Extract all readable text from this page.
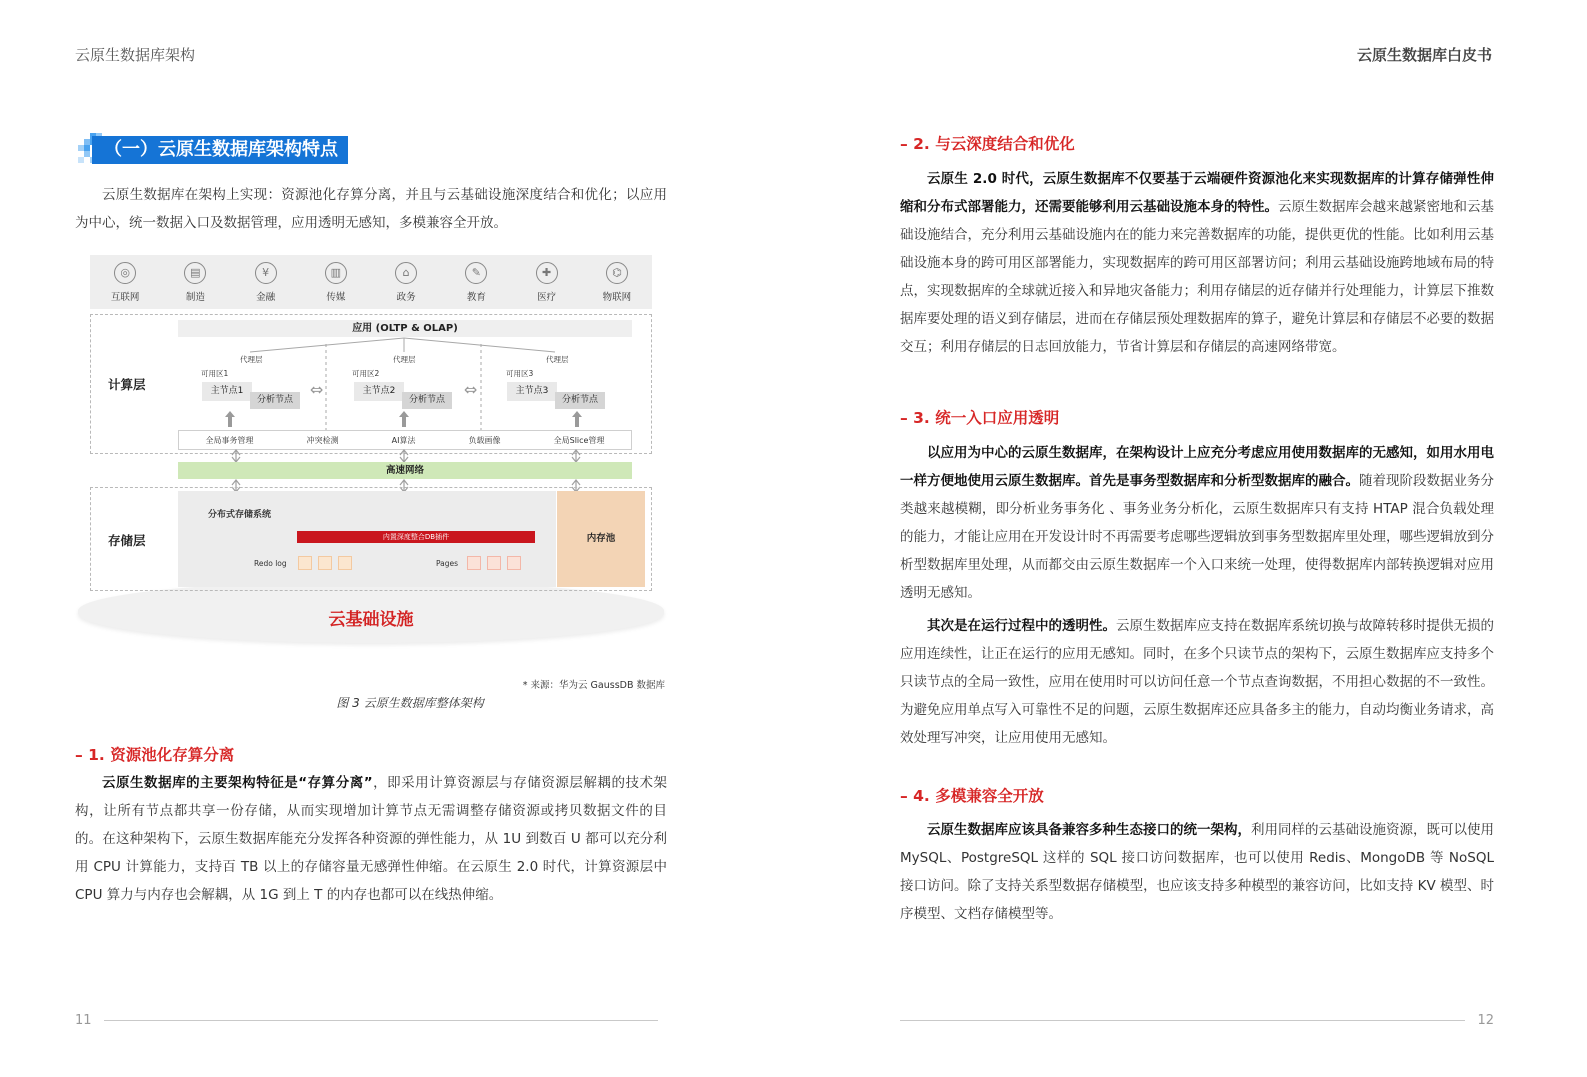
云原生数据库架构
（一）云原生数据库架构特点
云原生数据库在架构上实现：资源池化存算分离，并且与云基础设施深度结合和优化；以应用为中心，统一数据入口及数据管理，应用透明无感知，多模兼容全开放。
◎
互联网
▤
制造
¥
金融
▥
传媒
⌂
政务
✎
教育
✚
医疗
⌬
物联网
计算层
应用 (OLTP & OLAP)
代理层	代理层	代理层
可用区1	可用区2	可用区3
主节点1	主节点2	主节点3
分析节点	分析节点	分析节点
⇔	⇔
全局事务管理	冲突检测	AI算法	负载画像	全局Slice管理
高速网络
存储层
分布式存储系统
内置深度整合DB插件
Redo log	Pages
内存池
云基础设施
* 来源：华为云 GaussDB 数据库
图 3 云原生数据库整体架构
– 1. 资源池化存算分离
云原生数据库的主要架构特征是“存算分离”，即采用计算资源层与存储资源层解耦的技术架构，让所有节点都共享一份存储，从而实现增加计算节点无需调整存储资源或拷贝数据文件的目的。在这种架构下，云原生数据库能充分发挥各种资源的弹性能力，从 1U 到数百 U 都可以充分利用 CPU 计算能力，支持百 TB 以上的存储容量无感弹性伸缩。在云原生 2.0 时代，计算资源层中 CPU 算力与内存也会解耦，从 1G 到上 T 的内存也都可以在线热伸缩。
11
云原生数据库白皮书
– 2. 与云深度结合和优化
云原生 2.0 时代，云原生数据库不仅要基于云端硬件资源池化来实现数据库的计算存储弹性伸缩和分布式部署能力，还需要能够利用云基础设施本身的特性。云原生数据库会越来越紧密地和云基础设施结合，充分利用云基础设施内在的能力来完善数据库的功能，提供更优的性能。比如利用云基础设施本身的跨可用区部署能力，实现数据库的跨可用区部署访问；利用云基础设施跨地域布局的特点，实现数据库的全球就近接入和异地灾备能力；利用存储层的近存储并行处理能力，计算层下推数据库要处理的语义到存储层，进而在存储层预处理数据库的算子，避免计算层和存储层不必要的数据交互；利用存储层的日志回放能力，节省计算层和存储层的高速网络带宽。
– 3. 统一入口应用透明
以应用为中心的云原生数据库，在架构设计上应充分考虑应用使用数据库的无感知，如用水用电一样方便地使用云原生数据库。首先是事务型数据库和分析型数据库的融合。随着现阶段数据业务分类越来越模糊，即分析业务事务化 、事务业务分析化，云原生数据库只有支持 HTAP 混合负载处理的能力，才能让应用在开发设计时不再需要考虑哪些逻辑放到事务型数据库里处理，哪些逻辑放到分析型数据库里处理，从而都交由云原生数据库一个入口来统一处理，使得数据库内部转换逻辑对应用透明无感知。
其次是在运行过程中的透明性。云原生数据库应支持在数据库系统切换与故障转移时提供无损的应用连续性，让正在运行的应用无感知。同时，在多个只读节点的架构下，云原生数据库应支持多个只读节点的全局一致性，应用在使用时可以访问任意一个节点查询数据，不用担心数据的不一致性。为避免应用单点写入可靠性不足的问题，云原生数据库还应具备多主的能力，自动均衡业务请求，高效处理写冲突，让应用使用无感知。
– 4. 多模兼容全开放
云原生数据库应该具备兼容多种生态接口的统一架构，利用同样的云基础设施资源，既可以使用 MySQL、PostgreSQL 这样的 SQL 接口访问数据库，也可以使用 Redis、MongoDB 等 NoSQL 接口访问。除了支持关系型数据存储模型，也应该支持多种模型的兼容访问，比如支持 KV 模型、时序模型、文档存储模型等。
12
